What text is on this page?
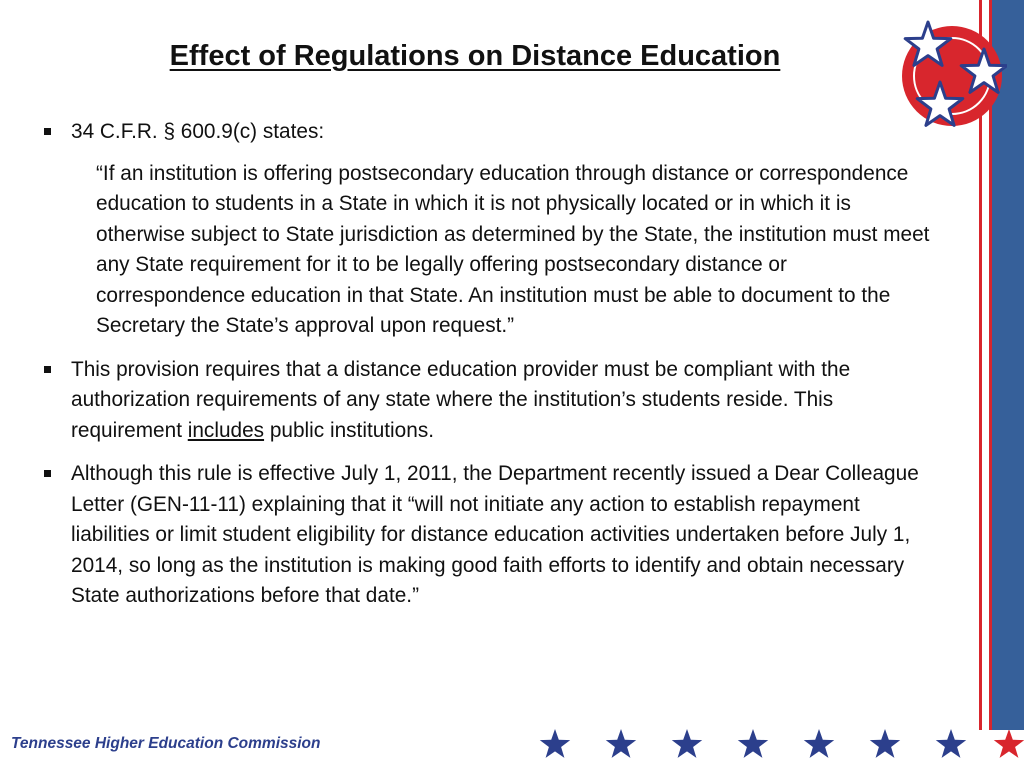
Effect of Regulations on Distance Education
34 C.F.R. § 600.9(c) states:
“If an institution is offering postsecondary education through distance or correspondence education to students in a State in which it is not physically located or in which it is otherwise subject to State jurisdiction as determined by the State, the institution must meet any State requirement for it to be legally offering postsecondary distance or correspondence education in that State. An institution must be able to document to the Secretary the State’s approval upon request.”
This provision requires that a distance education provider must be compliant with the authorization requirements of any state where the institution’s students reside. This requirement includes public institutions.
Although this rule is effective July 1, 2011, the Department recently issued a Dear Colleague Letter (GEN-11-11) explaining that it “will not initiate any action to establish repayment liabilities or limit student eligibility for distance education activities undertaken before July 1, 2014, so long as the institution is making good faith efforts to identify and obtain necessary State authorizations before that date.”
Tennessee Higher Education Commission
